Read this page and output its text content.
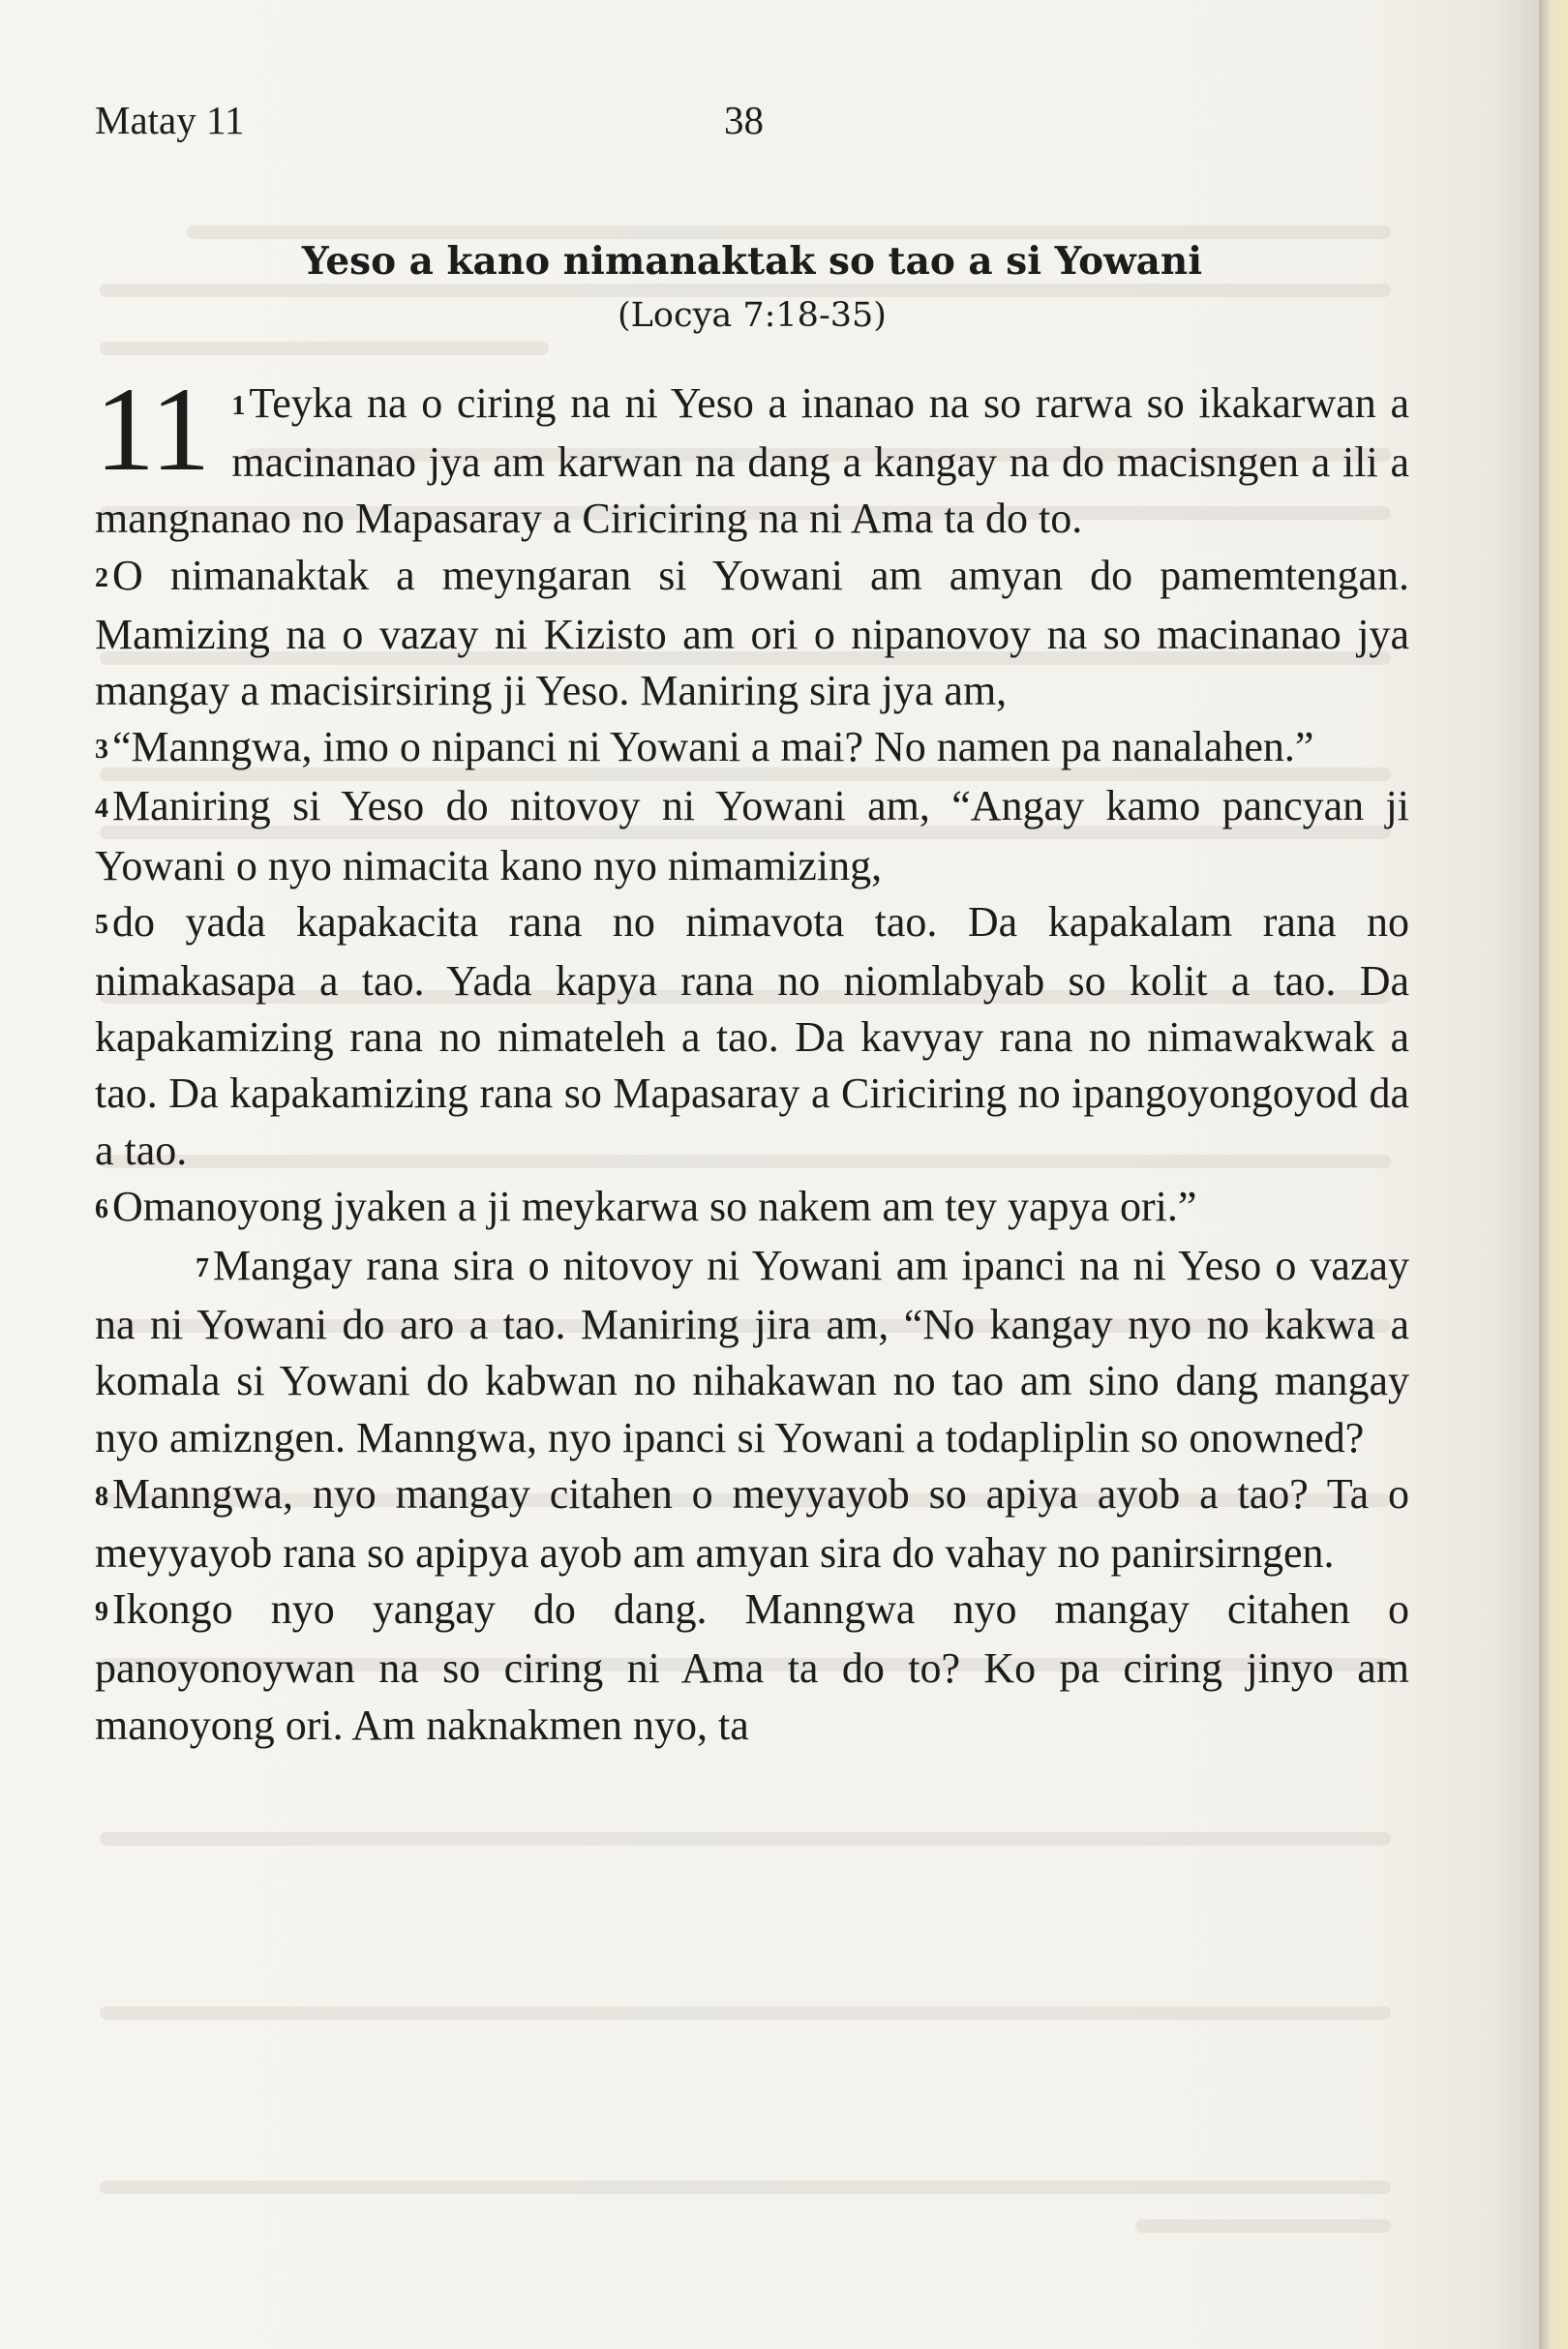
Matay 11	38
Yeso a kano nimanaktak so tao a si Yowani
(Locya 7:18-35)

11 1Teyka na o ciring na ni Yeso a inanao na so rarwa so ikakarwan a macinanao jya am karwan na dang a kangay na do macisngen a ili a mangnanao no Mapasaray a Ciriciring na ni Ama ta do to.

2O nimanaktak a meyngaran si Yowani am amyan do pamemtengan. Mamizing na o vazay ni Kizisto am ori o nipanovoy na so macinanao jya mangay a macisirsiring ji Yeso. Maniring sira jya am,

3“Manngwa, imo o nipanci ni Yowani a mai? No namen pa nanalahen.”

4Maniring si Yeso do nitovoy ni Yowani am, “Angay kamo pancyan ji Yowani o nyo nimacita kano nyo nimamizing,

5do yada kapakacita rana no nimavota tao. Da kapakalam rana no nimakasapa a tao. Yada kapya rana no niomlabyab so kolit a tao. Da kapakamizing rana no nimateleh a tao. Da kavyay rana no nimawakwak a tao. Da kapakamizing rana so Mapasaray a Ciriciring no ipangoyongoyod da a tao.

6Omanoyong jyaken a ji meykarwa so nakem am tey yapya ori.”

7Mangay rana sira o nitovoy ni Yowani am ipanci na ni Yeso o vazay na ni Yowani do aro a tao. Maniring jira am, “No kangay nyo no kakwa a komala si Yowani do kabwan no nihakawan no tao am sino dang mangay nyo amizngen. Manngwa, nyo ipanci si Yowani a todapliplin so onowned?

8Manngwa, nyo mangay citahen o meyyayob so apiya ayob a tao? Ta o meyyayob rana so apipya ayob am amyan sira do vahay no panirsirngen.

9Ikongo nyo yangay do dang. Manngwa nyo mangay citahen o panoyonoywan na so ciring ni Ama ta do to? Ko pa ciring jinyo am manoyong ori. Am naknakmen nyo, ta
